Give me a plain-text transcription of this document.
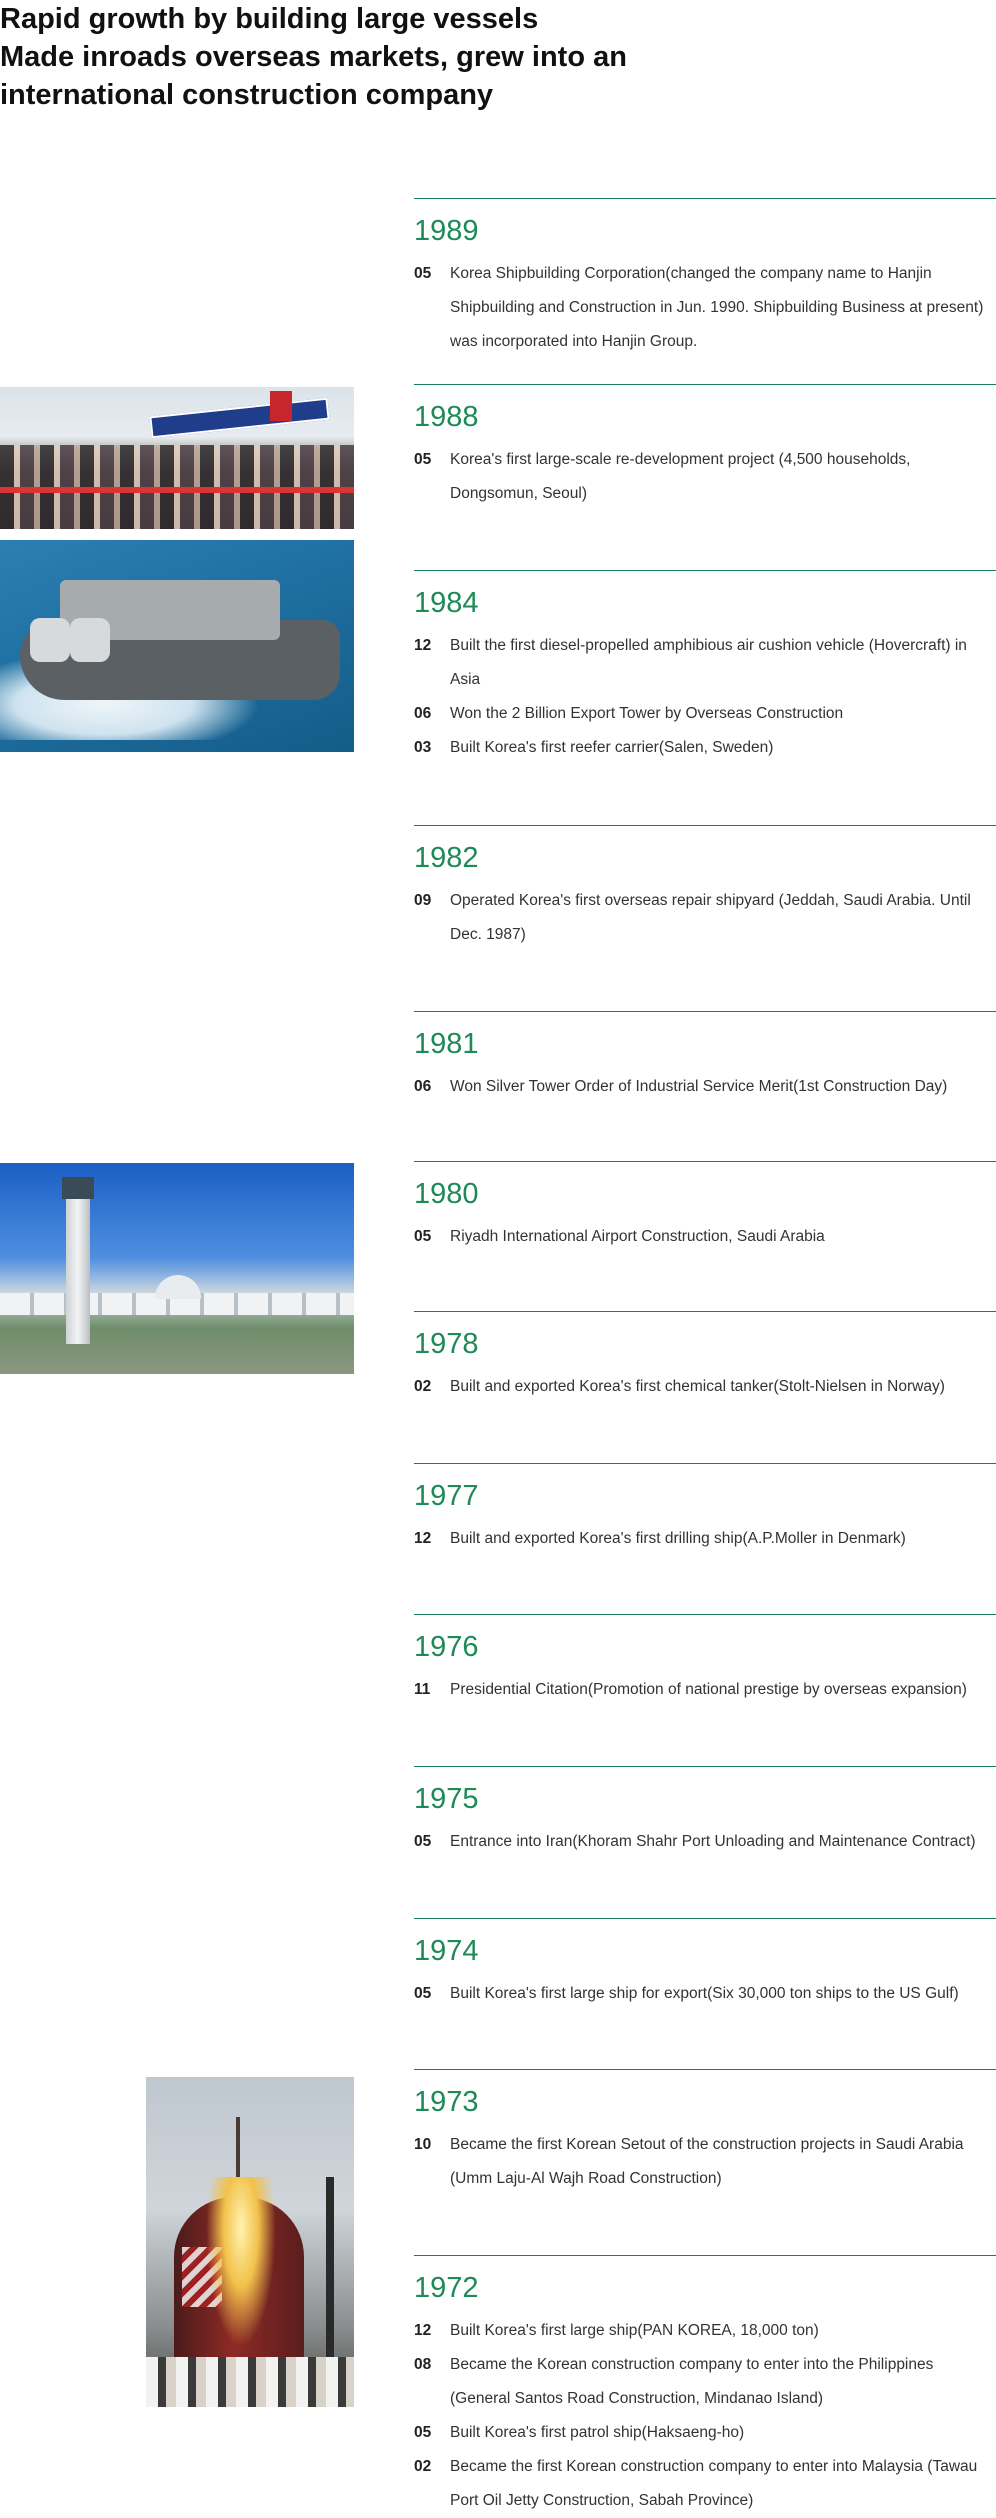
Rapid growth by building large vessels
Made inroads overseas markets, grew into an
international construction company
1989
05	Korea Shipbuilding Corporation(changed the company name to Hanjin Shipbuilding and Construction in Jun. 1990. Shipbuilding Business at present) was incorporated into Hanjin Group.
1988
05	Korea's first large-scale re-development project (4,500 households, Dongsomun, Seoul)
1984
12	Built the first diesel-propelled amphibious air cushion vehicle (Hovercraft) in Asia
06	Won the 2 Billion Export Tower by Overseas Construction
03	Built Korea's first reefer carrier(Salen, Sweden)
1982
09	Operated Korea's first overseas repair shipyard (Jeddah, Saudi Arabia. Until Dec. 1987)
1981
06	Won Silver Tower Order of Industrial Service Merit(1st Construction Day)
1980
05	Riyadh International Airport Construction, Saudi Arabia
1978
02	Built and exported Korea's first chemical tanker(Stolt-Nielsen in Norway)
1977
12	Built and exported Korea's first drilling ship(A.P.Moller in Denmark)
1976
11	Presidential Citation(Promotion of national prestige by overseas expansion)
1975
05	Entrance into Iran(Khoram Shahr Port Unloading and Maintenance Contract)
1974
05	Built Korea's first large ship for export(Six 30,000 ton ships to the US Gulf)
1973
10	Became the first Korean Setout of the construction projects in Saudi Arabia (Umm Laju-Al Wajh Road Construction)
1972
12	Built Korea's first large ship(PAN KOREA, 18,000 ton)
08	Became the Korean construction company to enter into the Philippines (General Santos Road Construction, Mindanao Island)
05	Built Korea's first patrol ship(Haksaeng-ho)
02	Became the first Korean construction company to enter into Malaysia (Tawau Port Oil Jetty Construction, Sabah Province)
